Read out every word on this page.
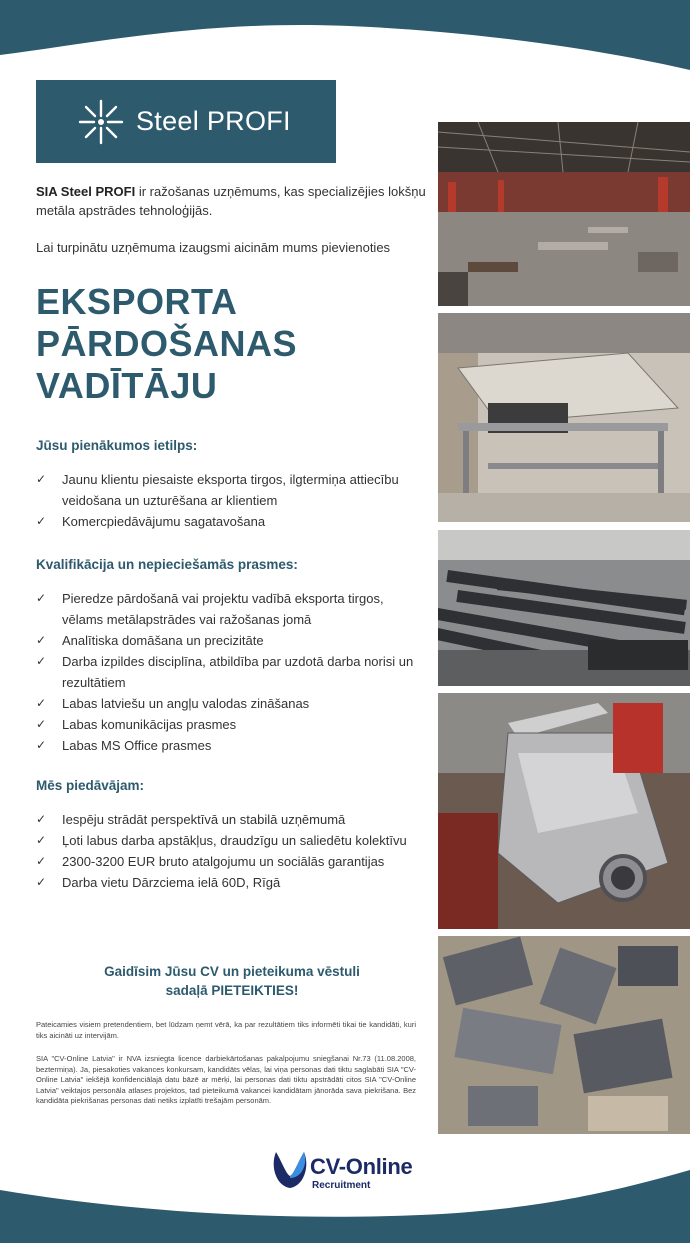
Steel PROFI

SIA Steel PROFI ir ražošanas uzņēmums, kas specializējies lokšņu metāla apstrādes tehnoloģijās.

Lai turpinātu uzņēmuma izaugsmi aicinām mums pievienoties

EKSPORTA
PĀRDOŠANAS
VADĪTĀJU
Jūsu pienākumos ietilps:
✓ Jaunu klientu piesaiste eksporta tirgos, ilgtermiņa attiecību veidošana un uzturēšana ar klientiem
✓ Komercpiedāvājumu sagatavošana
Kvalifikācija un nepieciešamās prasmes:
✓ Pieredze pārdošanā vai projektu vadībā eksporta tirgos, vēlams metālapstrādes vai ražošanas jomā
✓ Analītiska domāšana un precizitāte
✓ Darba izpildes disciplīna, atbildība par uzdotā darba norisi un rezultātiem
✓ Labas latviešu un angļu valodas zināšanas
✓ Labas komunikācijas prasmes
✓ Labas MS Office prasmes
Mēs piedāvājam:
✓ Iespēju strādāt perspektīvā un stabilā uzņēmumā
✓ Ļoti labus darba apstākļus, draudzīgu un saliedētu kolektīvu
✓ 2300-3200 EUR bruto atalgojumu un sociālās garantijas
✓ Darba vietu Dārzciema ielā 60D, Rīgā
Gaidīsim Jūsu CV un pieteikuma vēstuli
sadaļā PIETEIKTIES!

Pateicamies visiem pretendentiem, bet lūdzam ņemt vērā, ka par rezultātiem tiks informēti tikai tie kandidāti, kuri tiks aicināti uz intervijām.

SIA "CV-Online Latvia" ir NVA izsniegta licence darbiekārtošanas pakalpojumu sniegšanai Nr.73 (11.08.2008, beztermiņa). Ja, piesakoties vakances konkursam, kandidāts vēlas, lai viņa personas dati tiktu saglabāti SIA "CV-Online Latvia" iekšējā konfidenciālajā datu bāzē ar mērķi, lai personas dati tiktu apstrādāti citos SIA "CV-Online Latvia" veiktajos personāla atlases projektos, tad pieteikumā vakancei kandidātam jānorāda sava piekrišana. Bez kandidāta piekrišanas personas dati netiks izplatīti trešajām personām.

CV-Online
Recruitment
